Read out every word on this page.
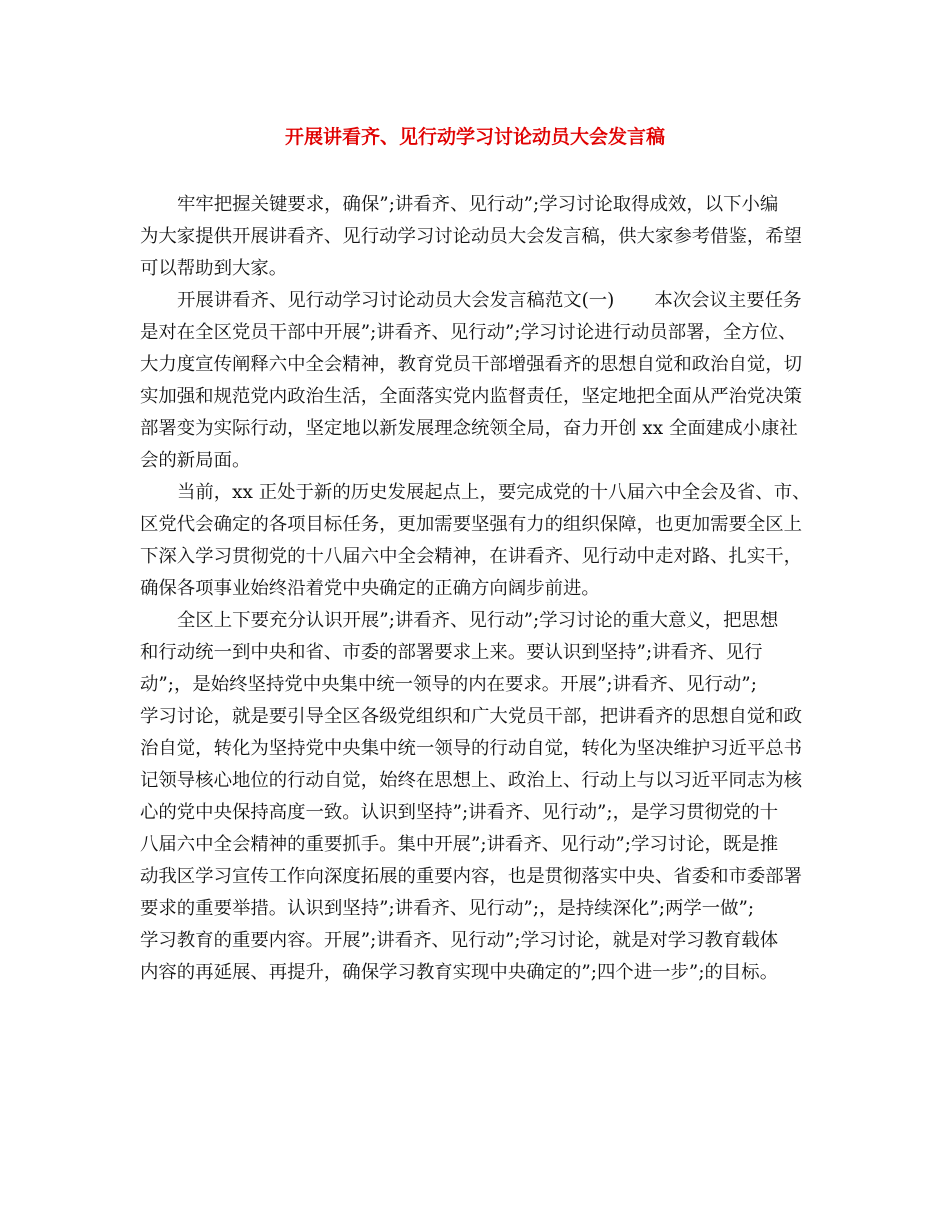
开展讲看齐、见行动学习讨论动员大会发言稿
牢牢把握关键要求，确保”;讲看齐、见行动”;学习讨论取得成效，以下小编
为大家提供开展讲看齐、见行动学习讨论动员大会发言稿，供大家参考借鉴，希望
可以帮助到大家。
开展讲看齐、见行动学习讨论动员大会发言稿范文(一) 本次会议主要任务
是对在全区党员干部中开展”;讲看齐、见行动”;学习讨论进行动员部署，全方位、
大力度宣传阐释六中全会精神，教育党员干部增强看齐的思想自觉和政治自觉，切
实加强和规范党内政治生活，全面落实党内监督责任，坚定地把全面从严治党决策
部署变为实际行动，坚定地以新发展理念统领全局，奋力开创 xx 全面建成小康社
会的新局面。
当前，xx 正处于新的历史发展起点上，要完成党的十八届六中全会及省、市、
区党代会确定的各项目标任务，更加需要坚强有力的组织保障，也更加需要全区上
下深入学习贯彻党的十八届六中全会精神，在讲看齐、见行动中走对路、扎实干，
确保各项事业始终沿着党中央确定的正确方向阔步前进。
全区上下要充分认识开展”;讲看齐、见行动”;学习讨论的重大意义，把思想
和行动统一到中央和省、市委的部署要求上来。要认识到坚持”;讲看齐、见行
动”;，是始终坚持党中央集中统一领导的内在要求。开展”;讲看齐、见行动”;
学习讨论，就是要引导全区各级党组织和广大党员干部，把讲看齐的思想自觉和政
治自觉，转化为坚持党中央集中统一领导的行动自觉，转化为坚决维护习近平总书
记领导核心地位的行动自觉，始终在思想上、政治上、行动上与以习近平同志为核
心的党中央保持高度一致。认识到坚持”;讲看齐、见行动”;，是学习贯彻党的十
八届六中全会精神的重要抓手。集中开展”;讲看齐、见行动”;学习讨论，既是推
动我区学习宣传工作向深度拓展的重要内容，也是贯彻落实中央、省委和市委部署
要求的重要举措。认识到坚持”;讲看齐、见行动”;，是持续深化”;两学一做”;
学习教育的重要内容。开展”;讲看齐、见行动”;学习讨论，就是对学习教育载体
内容的再延展、再提升，确保学习教育实现中央确定的”;四个进一步”;的目标。
